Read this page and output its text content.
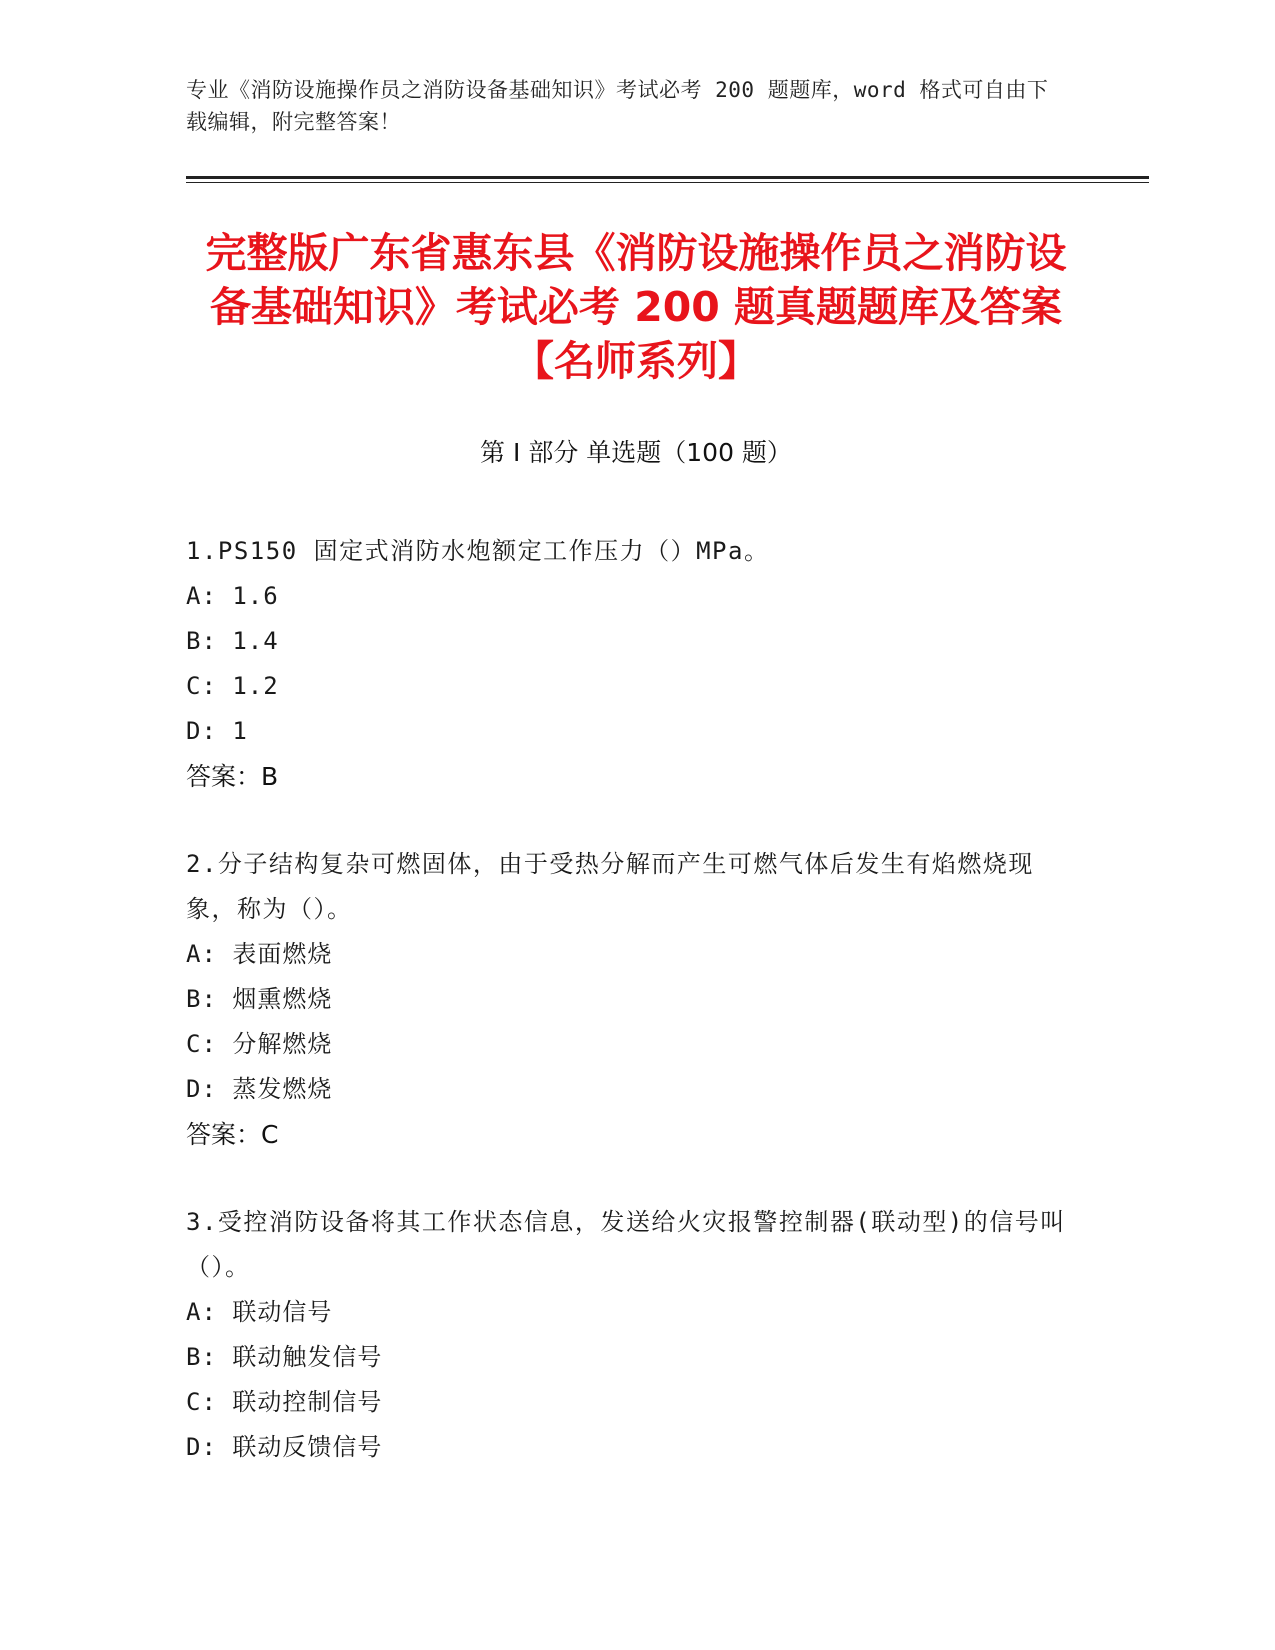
专业《消防设施操作员之消防设备基础知识》考试必考 200 题题库，word 格式可自由下载编辑，附完整答案！
完整版广东省惠东县《消防设施操作员之消防设备基础知识》考试必考 200 题真题题库及答案【名师系列】
第 I 部分 单选题（100 题）
1.PS150 固定式消防水炮额定工作压力（）MPa。
A: 1.6
B: 1.4
C: 1.2
D: 1
答案：B
2.分子结构复杂可燃固体，由于受热分解而产生可燃气体后发生有焰燃烧现象，称为（）。
A: 表面燃烧
B: 烟熏燃烧
C: 分解燃烧
D: 蒸发燃烧
答案：C
3.受控消防设备将其工作状态信息，发送给火灾报警控制器(联动型)的信号叫（）。
A: 联动信号
B: 联动触发信号
C: 联动控制信号
D: 联动反馈信号
